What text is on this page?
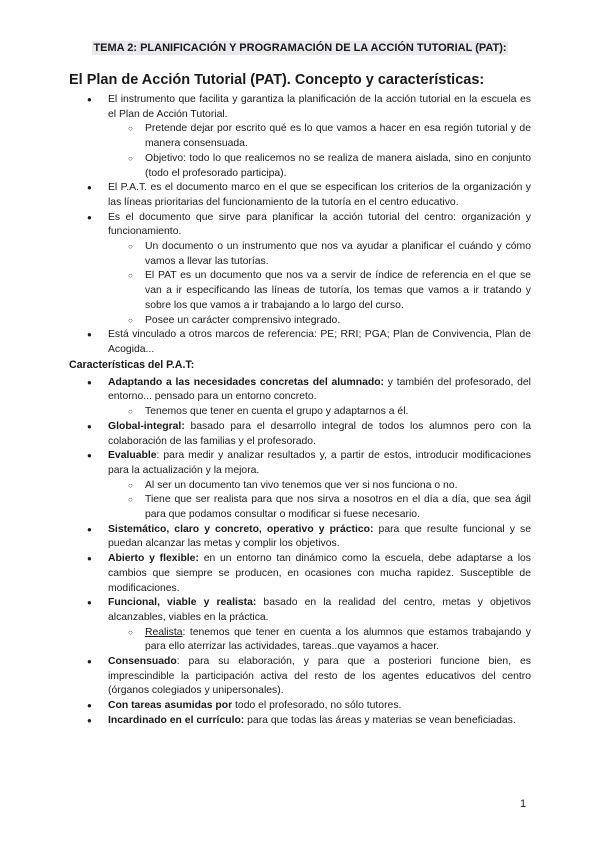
TEMA 2: PLANIFICACIÓN Y PROGRAMACIÓN DE LA ACCIÓN TUTORIAL (PAT):
El Plan de Acción Tutorial (PAT). Concepto y características:
● El instrumento que facilita y garantiza la planificación de la acción tutorial en la escuela es el Plan de Acción Tutorial.
○ Pretende dejar por escrito qué es lo que vamos a hacer en esa región tutorial y de manera consensuada.
○ Objetivo: todo lo que realicemos no se realiza de manera aislada, sino en conjunto (todo el profesorado participa).
● El P.A.T. es el documento marco en el que se especifican los criterios de la organización y las líneas prioritarias del funcionamiento de la tutoría en el centro educativo.
● Es el documento que sirve para planificar la acción tutorial del centro: organización y funcionamiento.
○ Un documento o un instrumento que nos va ayudar a planificar el cuándo y cómo vamos a llevar las tutorías.
○ El PAT es un documento que nos va a servir de índice de referencia en el que se van a ir especificando las líneas de tutoría, los temas que vamos a ir tratando y sobre los que vamos a ir trabajando a lo largo del curso.
○ Posee un carácter comprensivo integrado.
● Está vinculado a otros marcos de referencia: PE; RRI; PGA; Plan de Convivencia, Plan de Acogida...
Características del P.A.T:
● Adaptando a las necesidades concretas del alumnado: y también del profesorado, del entorno... pensado para un entorno concreto.
○ Tenemos que tener en cuenta el grupo y adaptarnos a él.
● Global-integral: basado para el desarrollo integral de todos los alumnos pero con la colaboración de las familias y el profesorado.
● Evaluable: para medir y analizar resultados y, a partir de estos, introducir modificaciones para la actualización y la mejora.
○ Al ser un documento tan vivo tenemos que ver si nos funciona o no.
○ Tiene que ser realista para que nos sirva a nosotros en el día a día, que sea ágil para que podamos consultar o modificar si fuese necesario.
● Sistemático, claro y concreto, operativo y práctico: para que resulte funcional y se puedan alcanzar las metas y complir los objetivos.
● Abierto y flexible: en un entorno tan dinámico como la escuela, debe adaptarse a los cambios que siempre se producen, en ocasiones con mucha rapidez. Susceptible de modificaciones.
● Funcional, viable y realista: basado en la realidad del centro, metas y objetivos alcanzables, viables en la práctica.
○ Realista: tenemos que tener en cuenta a los alumnos que estamos trabajando y para ello aterrizar las actividades, tareas..que vayamos a hacer.
● Consensuado: para su elaboración, y para que a posteriori funcione bien, es imprescindible la participación activa del resto de los agentes educativos del centro (órganos colegiados y unipersonales).
● Con tareas asumidas por todo el profesorado, no sólo tutores.
● Incardinado en el currículo: para que todas las áreas y materias se vean beneficiadas.
1
